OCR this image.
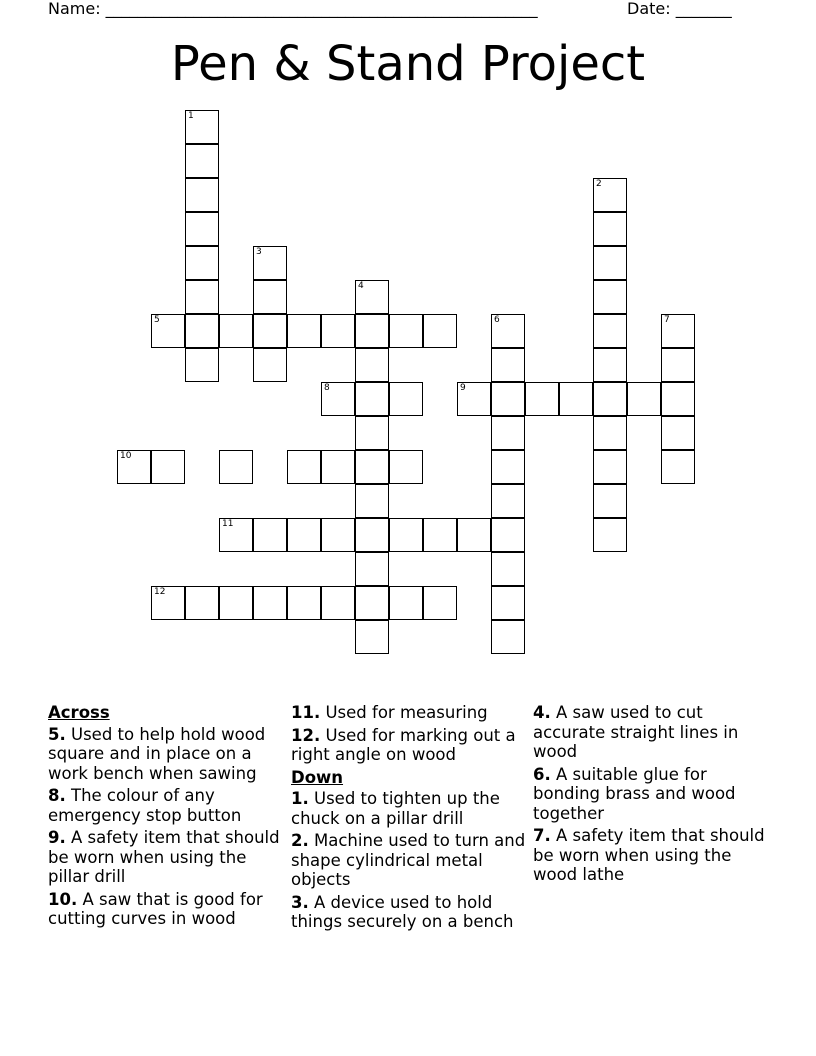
Name: ______________________________________________________	Date: _______
Pen & Stand Project
1
2
3
4
5	6	7
8	9
10
11
12
Across
5. Used to help hold wood square and in place on a work bench when sawing
8. The colour of any emergency stop button
9. A safety item that should be worn when using the pillar drill
10. A saw that is good for cutting curves in wood
11. Used for measuring
12. Used for marking out a right angle on wood
Down
1. Used to tighten up the chuck on a pillar drill
2. Machine used to turn and shape cylindrical metal objects
3. A device used to hold things securely on a bench
4. A saw used to cut accurate straight lines in wood
6. A suitable glue for bonding brass and wood together
7. A safety item that should be worn when using the wood lathe
